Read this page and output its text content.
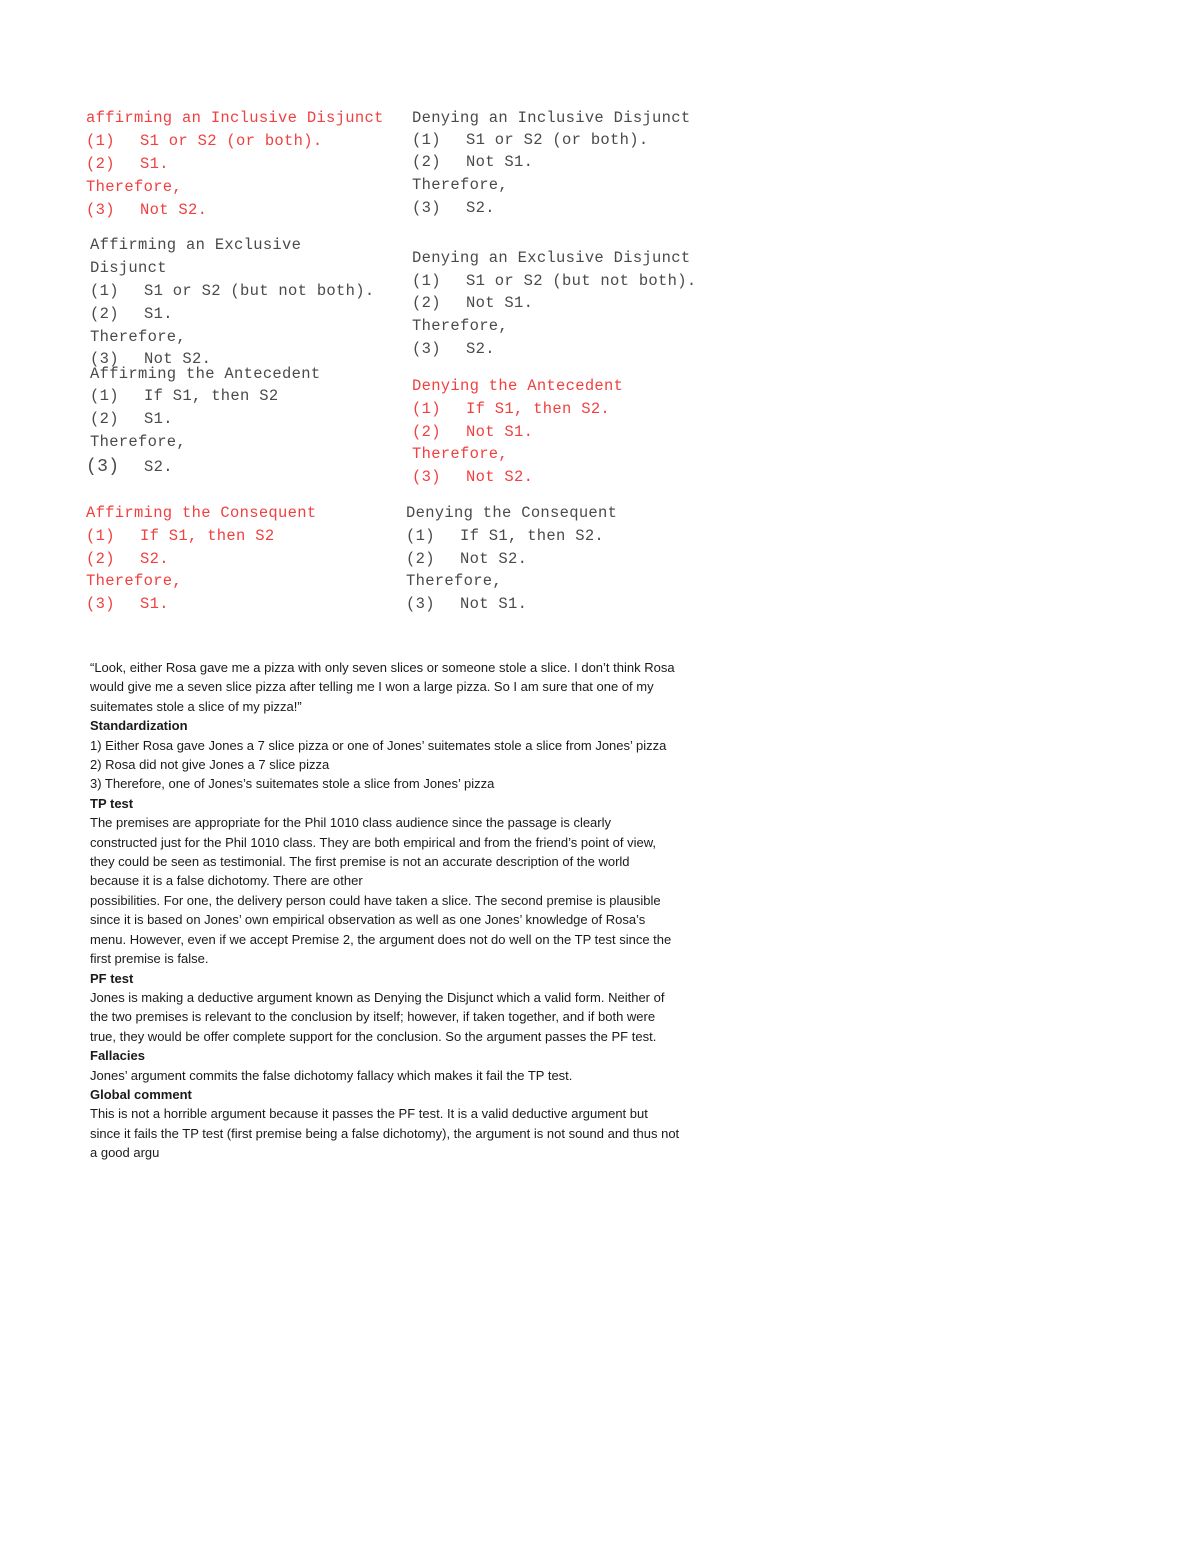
affirming an Inclusive Disjunct

(1) S1 or S2 (or both).

(2) S1.

Therefore,

(3) Not S2.

Denying an Inclusive Disjunct

(1) S1 or S2 (or both).

(2) Not S1.

Therefore,

(3) S2.

Affirming an Exclusive

Disjunct

(1) S1 or S2 (but not both).

(2) S1.

Therefore,

(3) Not S2.

Denying an Exclusive Disjunct

(1) S1 or S2 (but not both).

(2) Not S1.

Therefore,

(3) S2.

Affirming the Antecedent

(1) If S1, then S2

(2) S1.

Therefore,

(3) S2.

Denying the Antecedent

(1) If S1, then S2.

(2) Not S1.

Therefore,

(3) Not S2.

Affirming the Consequent

(1) If S1, then S2

(2) S2.

Therefore,

(3) S1.

Denying the Consequent

(1) If S1, then S2.

(2) Not S2.

Therefore,

(3) Not S1.

“Look, either Rosa gave me a pizza with only seven slices or someone stole a slice. I don’t think Rosa would give me a seven slice pizza after telling me I won a large pizza. So I am sure that one of my suitemates stole a slice of my pizza!”

Standardization

1) Either Rosa gave Jones a 7 slice pizza or one of Jones’ suitemates stole a slice from Jones’ pizza

2) Rosa did not give Jones a 7 slice pizza

3) Therefore, one of Jones’s suitemates stole a slice from Jones’ pizza

TP test

The premises are appropriate for the Phil 1010 class audience since the passage is clearly constructed just for the Phil 1010 class. They are both empirical and from the friend’s point of view, they could be seen as testimonial. The first premise is not an accurate description of the world because it is a false dichotomy. There are other

possibilities. For one, the delivery person could have taken a slice. The second premise is plausible since it is based on Jones’ own empirical observation as well as one Jones’ knowledge of Rosa’s menu. However, even if we accept Premise 2, the argument does not do well on the TP test since the first premise is false.

PF test

Jones is making a deductive argument known as Denying the Disjunct which a valid form. Neither of the two premises is relevant to the conclusion by itself; however, if taken together, and if both were true, they would be offer complete support for the conclusion. So the argument passes the PF test.

Fallacies

Jones’ argument commits the false dichotomy fallacy which makes it fail the TP test.

Global comment

This is not a horrible argument because it passes the PF test. It is a valid deductive argument but since it fails the TP test (first premise being a false dichotomy), the argument is not sound and thus not a good argu
